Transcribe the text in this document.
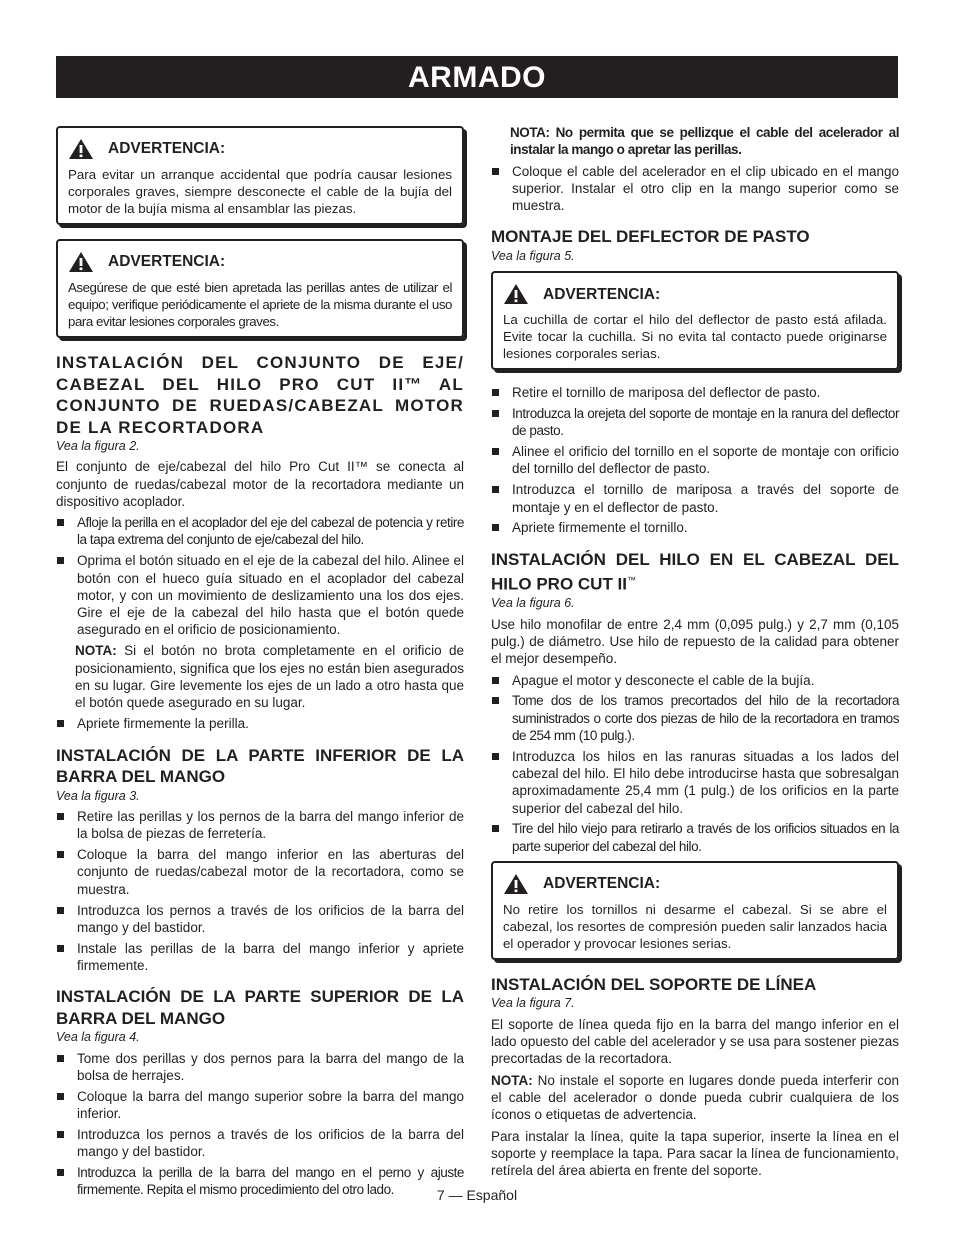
ARMADO
ADVERTENCIA:
Para evitar un arranque accidental que podría causar lesiones corporales graves, siempre desconecte el cable de la bujía del motor de la bujía misma al ensamblar las piezas.
ADVERTENCIA:
Asegúrese de que esté bien apretada las perillas antes de utilizar el equipo; verifique periódicamente el apriete de la misma durante el uso para evitar lesiones corporales graves.
INSTALACIÓN DEL CONJUNTO DE EJE/ CABEZAL DEL HILO PRO CUT II™ AL CONJUNTO DE RUEDAS/CABEZAL MOTOR DE LA RECORTADORA
Vea la figura 2.

El conjunto de eje/cabezal del hilo Pro Cut II™ se conecta al conjunto de ruedas/cabezal motor de la recortadora mediante un dispositivo acoplador.

Afloje la perilla en el acoplador del eje del cabezal de potencia y retire la tapa extrema del conjunto de eje/cabezal del hilo.
Oprima el botón situado en el eje de la cabezal del hilo. Alinee el botón con el hueco guía situado en el acoplador del cabezal motor, y con un movimiento de deslizamiento una los dos ejes. Gire el eje de la cabezal del hilo hasta que el botón quede asegurado en el orificio de posicionamiento.
NOTA: Si el botón no brota completamente en el orificio de posicionamiento, significa que los ejes no están bien asegurados en su lugar. Gire levemente los ejes de un lado a otro hasta que el botón quede asegurado en su lugar.
Apriete firmemente la perilla.
INSTALACIÓN DE LA PARTE INFERIOR DE LA BARRA DEL MANGO
Vea la figura 3.
Retire las perillas y los pernos de la barra del mango inferior de la bolsa de piezas de ferretería.
Coloque la barra del mango inferior en las aberturas del conjunto de ruedas/cabezal motor de la recortadora, como se muestra.
Introduzca los pernos a través de los orificios de la barra del mango y del bastidor.
Instale las perillas de la barra del mango inferior y apriete firmemente.
INSTALACIÓN DE LA PARTE SUPERIOR DE LA BARRA DEL MANGO
Vea la figura 4.
Tome dos perillas y dos pernos para la barra del mango de la bolsa de herrajes.
Coloque la barra del mango superior sobre la barra del mango inferior.
Introduzca los pernos a través de los orificios de la barra del mango y del bastidor.
Introduzca la perilla de la barra del mango en el perno y ajuste firmemente. Repita el mismo procedimiento del otro lado.
NOTA: No permita que se pellizque el cable del acelerador al instalar la mango o apretar las perillas.
Coloque el cable del acelerador en el clip ubicado en el mango superior. Instalar el otro clip en la mango superior como se muestra.
MONTAJE DEL DEFLECTOR DE PASTO
Vea la figura 5.
ADVERTENCIA:
La cuchilla de cortar el hilo del deflector de pasto está afilada. Evite tocar la cuchilla. Si no evita tal contacto puede originarse lesiones corporales serias.
Retire el tornillo de mariposa del deflector de pasto.
Introduzca la orejeta del soporte de montaje en la ranura del deflector de pasto.
Alinee el orificio del tornillo en el soporte de montaje con orificio del tornillo del deflector de pasto.
Introduzca el tornillo de mariposa a través del soporte de montaje y en el deflector de pasto.
Apriete firmemente el tornillo.
INSTALACIÓN DEL HILO EN EL CABEZAL DEL HILO PRO CUT II™
Vea la figura 6.

Use hilo monofilar de entre 2,4 mm (0,095 pulg.) y 2,7 mm (0,105 pulg.) de diámetro. Use hilo de repuesto de la calidad para obtener el mejor desempeño.

Apague el motor y desconecte el cable de la bujía.
Tome dos de los tramos precortados del hilo de la recortadora suministrados o corte dos piezas de hilo de la recortadora en tramos de 254 mm (10 pulg.).
Introduzca los hilos en las ranuras situadas a los lados del cabezal del hilo. El hilo debe introducirse hasta que sobresalgan aproximadamente 25,4 mm (1 pulg.) de los orificios en la parte superior del cabezal del hilo.
Tire del hilo viejo para retirarlo a través de los orificios situados en la parte superior del cabezal del hilo.
ADVERTENCIA:
No retire los tornillos ni desarme el cabezal. Si se abre el cabezal, los resortes de compresión pueden salir lanzados hacia el operador y provocar lesiones serias.
INSTALACIÓN DEL SOPORTE DE LÍNEA
Vea la figura 7.

El soporte de línea queda fijo en la barra del mango inferior en el lado opuesto del cable del acelerador y se usa para sostener piezas precortadas de la recortadora.

NOTA: No instale el soporte en lugares donde pueda interferir con el cable del acelerador o donde pueda cubrir cualquiera de los íconos o etiquetas de advertencia.

Para instalar la línea, quite la tapa superior, inserte la línea en el soporte y reemplace la tapa. Para sacar la línea de funcionamiento, retírela del área abierta en frente del soporte.

7 — Español
